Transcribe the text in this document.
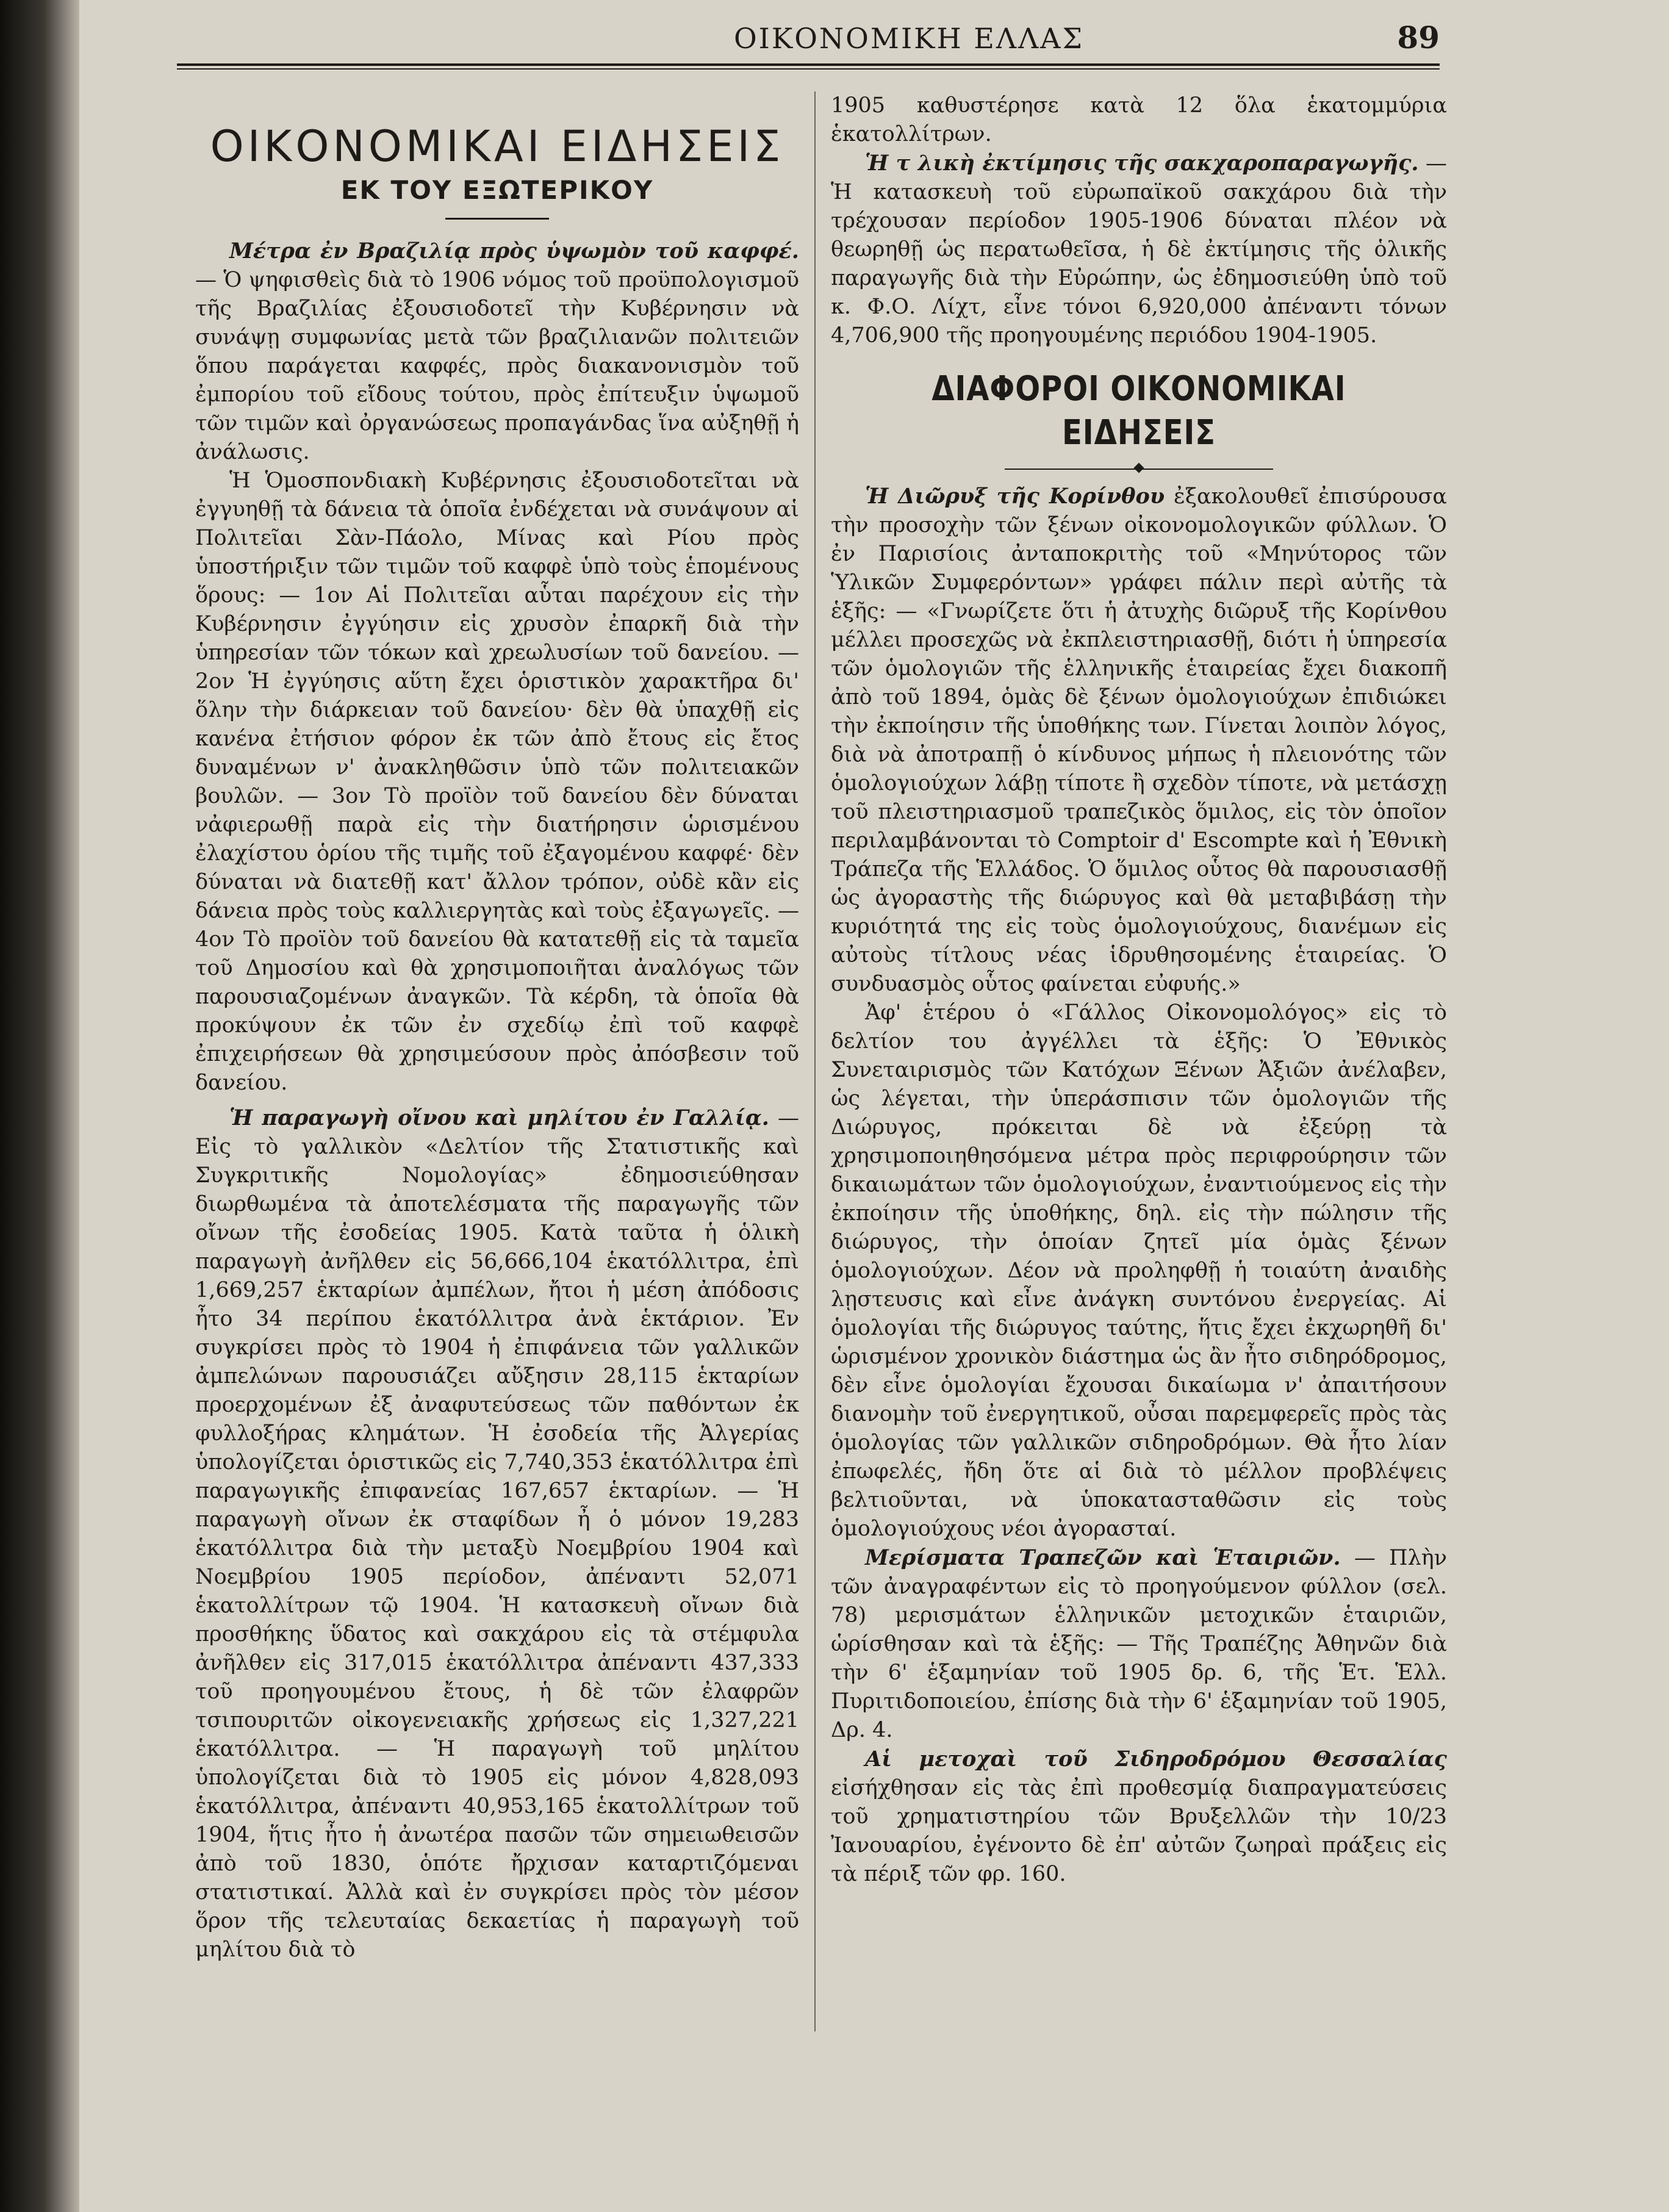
ΟΙΚΟΝΟΜΙΚΗ ΕΛΛΑΣ	89
ΟΙΚΟΝΟΜΙΚΑΙ ΕΙΔΗΣΕΙΣ
ΕΚ ΤΟΥ ΕΞΩΤΕΡΙΚΟΥ

Μέτρα ἐν Βραζιλίᾳ πρὸς ὑψωμὸν τοῦ καφφέ. — Ὁ ψηφισθεὶς διὰ τὸ 1906 νόμος τοῦ προϋπολογισμοῦ τῆς Βραζιλίας ἐξουσιοδοτεῖ τὴν Κυβέρνησιν νὰ συνάψῃ συμφωνίας μετὰ τῶν βραζιλιανῶν πολιτειῶν ὅπου παράγεται καφφές, πρὸς διακανονισμὸν τοῦ ἐμπορίου τοῦ εἴδους τούτου, πρὸς ἐπίτευξιν ὑψωμοῦ τῶν τιμῶν καὶ ὀργανώσεως προπαγάνδας ἵνα αὐξηθῇ ἡ ἀνάλωσις.

Ἡ Ὁμοσπονδιακὴ Κυβέρνησις ἐξουσιοδοτεῖται νὰ ἐγγυηθῇ τὰ δάνεια τὰ ὁποῖα ἐνδέχεται νὰ συνάψουν αἱ Πολιτεῖαι Σὰν-Πάολο, Μίνας καὶ Ρίου πρὸς ὑποστήριξιν τῶν τιμῶν τοῦ καφφὲ ὑπὸ τοὺς ἑπομένους ὅρους: — 1ον Αἱ Πολιτεῖαι αὗται παρέχουν εἰς τὴν Κυβέρνησιν ἐγγύησιν εἰς χρυσὸν ἐπαρκῆ διὰ τὴν ὑπηρεσίαν τῶν τόκων καὶ χρεωλυσίων τοῦ δανείου. — 2ον Ἡ ἐγγύησις αὕτη ἔχει ὁριστικὸν χαρακτῆρα δι' ὅλην τὴν διάρκειαν τοῦ δανείου· δὲν θὰ ὑπαχθῇ εἰς κανένα ἐτήσιον φόρον ἐκ τῶν ἀπὸ ἔτους εἰς ἔτος δυναμένων ν' ἀνακληθῶσιν ὑπὸ τῶν πολιτειακῶν βουλῶν. — 3ον Τὸ προϊὸν τοῦ δανείου δὲν δύναται νἀφιερωθῇ παρὰ εἰς τὴν διατήρησιν ὡρισμένου ἐλαχίστου ὁρίου τῆς τιμῆς τοῦ ἐξαγομένου καφφέ· δὲν δύναται νὰ διατεθῇ κατ' ἄλλον τρόπον, οὐδὲ κἂν εἰς δάνεια πρὸς τοὺς καλλιεργητὰς καὶ τοὺς ἐξαγωγεῖς. — 4ον Τὸ προϊὸν τοῦ δανείου θὰ κατατεθῇ εἰς τὰ ταμεῖα τοῦ Δημοσίου καὶ θὰ χρησιμοποιῆται ἀναλόγως τῶν παρουσιαζομένων ἀναγκῶν. Τὰ κέρδη, τὰ ὁποῖα θὰ προκύψουν ἐκ τῶν ἐν σχεδίῳ ἐπὶ τοῦ καφφὲ ἐπιχειρήσεων θὰ χρησιμεύσουν πρὸς ἀπόσβεσιν τοῦ δανείου.

Ἡ παραγωγὴ οἴνου καὶ μηλίτου ἐν Γαλλίᾳ. — Εἰς τὸ γαλλικὸν «Δελτίον τῆς Στατιστικῆς καὶ Συγκριτικῆς Νομολογίας» ἐδημοσιεύθησαν διωρθωμένα τὰ ἀποτελέσματα τῆς παραγωγῆς τῶν οἴνων τῆς ἐσοδείας 1905. Κατὰ ταῦτα ἡ ὁλικὴ παραγωγὴ ἀνῆλθεν εἰς 56,666,104 ἑκατόλλιτρα, ἐπὶ 1,669,257 ἑκταρίων ἀμπέλων, ἤτοι ἡ μέση ἀπόδοσις ἦτο 34 περίπου ἑκατόλλιτρα ἀνὰ ἑκτάριον. Ἐν συγκρίσει πρὸς τὸ 1904 ἡ ἐπιφάνεια τῶν γαλλικῶν ἀμπελώνων παρουσιάζει αὔξησιν 28,115 ἑκταρίων προερχομένων ἐξ ἀναφυτεύσεως τῶν παθόντων ἐκ φυλλοξήρας κλημάτων. Ἡ ἐσοδεία τῆς Ἀλγερίας ὑπολογίζεται ὁριστικῶς εἰς 7,740,353 ἑκατόλλιτρα ἐπὶ παραγωγικῆς ἐπιφανείας 167,657 ἑκταρίων. — Ἡ παραγωγὴ οἴνων ἐκ σταφίδων ἦ ὁ μόνον 19,283 ἑκατόλλιτρα διὰ τὴν μεταξὺ Νοεμβρίου 1904 καὶ Νοεμβρίου 1905 περίοδον, ἀπέναντι 52,071 ἑκατολλίτρων τῷ 1904. Ἡ κατασκευὴ οἴνων διὰ προσθήκης ὕδατος καὶ σακχάρου εἰς τὰ στέμφυλα ἀνῆλθεν εἰς 317,015 ἑκατόλλιτρα ἀπέναντι 437,333 τοῦ προηγουμένου ἔτους, ἡ δὲ τῶν ἐλαφρῶν τσιπουριτῶν οἰκογενειακῆς χρήσεως εἰς 1,327,221 ἑκατόλλιτρα. — Ἡ παραγωγὴ τοῦ μηλίτου ὑπολογίζεται διὰ τὸ 1905 εἰς μόνον 4,828,093 ἑκατόλλιτρα, ἀπέναντι 40,953,165 ἑκατολλίτρων τοῦ 1904, ἥτις ἦτο ἡ ἀνωτέρα πασῶν τῶν σημειωθεισῶν ἀπὸ τοῦ 1830, ὁπότε ἤρχισαν καταρτιζόμεναι στατιστικαί. Ἀλλὰ καὶ ἐν συγκρίσει πρὸς τὸν μέσον ὅρον τῆς τελευταίας δεκαετίας ἡ παραγωγὴ τοῦ μηλίτου διὰ τὸ

1905 καθυστέρησε κατὰ 12 ὅλα ἑκατομμύρια ἑκατολλίτρων.

Ἡ τ λικὴ ἐκτίμησις τῆς σακχαροπαραγωγῆς. — Ἡ κατασκευὴ τοῦ εὐρωπαϊκοῦ σακχάρου διὰ τὴν τρέχουσαν περίοδον 1905-1906 δύναται πλέον νὰ θεωρηθῇ ὡς περατωθεῖσα, ἡ δὲ ἐκτίμησις τῆς ὁλικῆς παραγωγῆς διὰ τὴν Εὐρώπην, ὡς ἐδημοσιεύθη ὑπὸ τοῦ κ. Φ.Ο. Λίχτ, εἶνε τόνοι 6,920,000 ἀπέναντι τόνων 4,706,900 τῆς προηγουμένης περιόδου 1904-1905.

ΔΙΑΦΟΡΟΙ ΟΙΚΟΝΟΜΙΚΑΙ ΕΙΔΗΣΕΙΣ

Ἡ Διῶρυξ τῆς Κορίνθου ἐξακολουθεῖ ἐπισύρουσα τὴν προσοχὴν τῶν ξένων οἰκονομολογικῶν φύλλων. Ὁ ἐν Παρισίοις ἀνταποκριτὴς τοῦ «Μηνύτορος τῶν Ὑλικῶν Συμφερόντων» γράφει πάλιν περὶ αὐτῆς τὰ ἑξῆς: — «Γνωρίζετε ὅτι ἡ ἀτυχὴς διῶρυξ τῆς Κορίνθου μέλλει προσεχῶς νὰ ἐκπλειστηριασθῇ, διότι ἡ ὑπηρεσία τῶν ὁμολογιῶν τῆς ἑλληνικῆς ἑταιρείας ἔχει διακοπῆ ἀπὸ τοῦ 1894, ὁμὰς δὲ ξένων ὁμολογιούχων ἐπιδιώκει τὴν ἐκποίησιν τῆς ὑποθήκης των. Γίνεται λοιπὸν λόγος, διὰ νὰ ἀποτραπῇ ὁ κίνδυνος μήπως ἡ πλειονότης τῶν ὁμολογιούχων λάβῃ τίποτε ἢ σχεδὸν τίποτε, νὰ μετάσχῃ τοῦ πλειστηριασμοῦ τραπεζικὸς ὅμιλος, εἰς τὸν ὁποῖον περιλαμβάνονται τὸ Comptoir d' Escompte καὶ ἡ Ἐθνικὴ Τράπεζα τῆς Ἑλλάδος. Ὁ ὅμιλος οὗτος θὰ παρουσιασθῇ ὡς ἀγοραστὴς τῆς διώρυγος καὶ θὰ μεταβιβάσῃ τὴν κυριότητά της εἰς τοὺς ὁμολογιούχους, διανέμων εἰς αὐτοὺς τίτλους νέας ἱδρυθησομένης ἑταιρείας. Ὁ συνδυασμὸς οὗτος φαίνεται εὐφυής.»

Ἀφ' ἑτέρου ὁ «Γάλλος Οἰκονομολόγος» εἰς τὸ δελτίον του ἀγγέλλει τὰ ἑξῆς: Ὁ Ἐθνικὸς Συνεταιρισμὸς τῶν Κατόχων Ξένων Ἀξιῶν ἀνέλαβεν, ὡς λέγεται, τὴν ὑπεράσπισιν τῶν ὁμολογιῶν τῆς Διώρυγος, πρόκειται δὲ νὰ ἐξεύρῃ τὰ χρησιμοποιηθησόμενα μέτρα πρὸς περιφρούρησιν τῶν δικαιωμάτων τῶν ὁμολογιούχων, ἐναντιούμενος εἰς τὴν ἐκποίησιν τῆς ὑποθήκης, δηλ. εἰς τὴν πώλησιν τῆς διώρυγος, τὴν ὁποίαν ζητεῖ μία ὁμὰς ξένων ὁμολογιούχων. Δέον νὰ προληφθῇ ἡ τοιαύτη ἀναιδὴς λῃστευσις καὶ εἶνε ἀνάγκη συντόνου ἐνεργείας. Αἱ ὁμολογίαι τῆς διώρυγος ταύτης, ἥτις ἔχει ἐκχωρηθῆ δι' ὡρισμένον χρονικὸν διάστημα ὡς ἂν ἦτο σιδηρόδρομος, δὲν εἶνε ὁμολογίαι ἔχουσαι δικαίωμα ν' ἀπαιτήσουν διανομὴν τοῦ ἐνεργητικοῦ, οὖσαι παρεμφερεῖς πρὸς τὰς ὁμολογίας τῶν γαλλικῶν σιδηροδρόμων. Θὰ ἦτο λίαν ἐπωφελές, ἤδη ὅτε αἱ διὰ τὸ μέλλον προβλέψεις βελτιοῦνται, νὰ ὑποκατασταθῶσιν εἰς τοὺς ὁμολογιούχους νέοι ἀγορασταί.

Μερίσματα Τραπεζῶν καὶ Ἑταιριῶν. — Πλὴν τῶν ἀναγραφέντων εἰς τὸ προηγούμενον φύλλον (σελ. 78) μερισμάτων ἑλληνικῶν μετοχικῶν ἑταιριῶν, ὡρίσθησαν καὶ τὰ ἑξῆς: — Τῆς Τραπέζης Ἀθηνῶν διὰ τὴν 6' ἑξαμηνίαν τοῦ 1905 δρ. 6, τῆς Ἑτ. Ἑλλ. Πυριτιδοποιείου, ἐπίσης διὰ τὴν 6' ἑξαμηνίαν τοῦ 1905, Δρ. 4.

Αἱ μετοχαὶ τοῦ Σιδηροδρόμου Θεσσαλίας εἰσήχθησαν εἰς τὰς ἐπὶ προθεσμίᾳ διαπραγματεύσεις τοῦ χρηματιστηρίου τῶν Βρυξελλῶν τὴν 10/23 Ἰανουαρίου, ἐγένοντο δὲ ἐπ' αὐτῶν ζωηραὶ πράξεις εἰς τὰ πέριξ τῶν φρ. 160.
